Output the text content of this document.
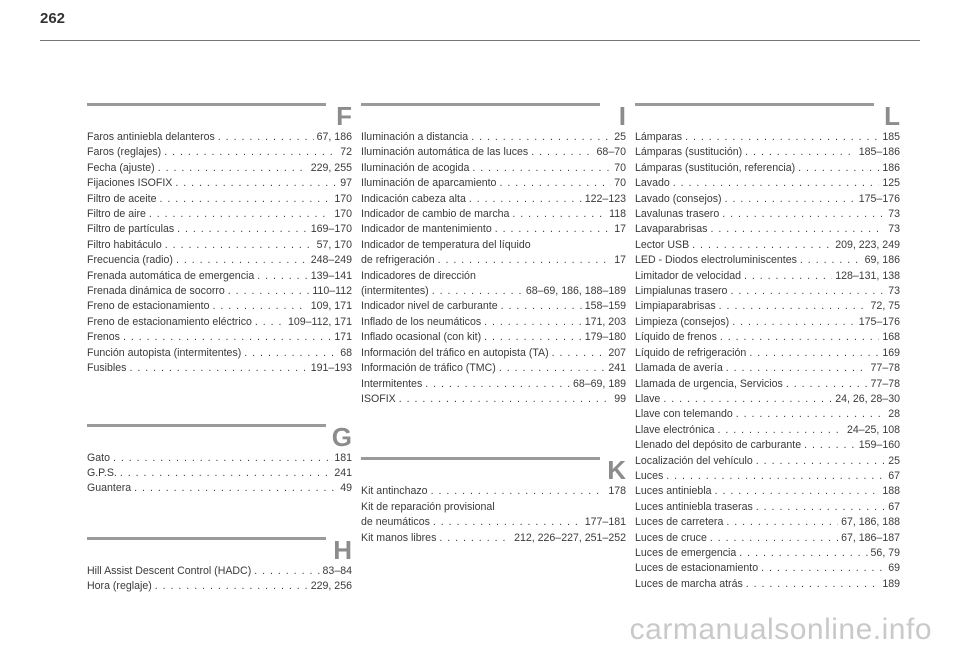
262
F
Faros antiniebla delanteros . . .	67, 186
Faros (reglajes) . . .	72
Fecha (ajuste) . . .	229, 255
Fijaciones ISOFIX . . .	97
Filtro de aceite . . .	170
Filtro de aire . . .	170
Filtro de partículas . . .	169–170
Filtro habitáculo . . .	57, 170
Frecuencia (radio) . . .	248–249
Frenada automática de emergencia . . .	139–141
Frenada dinámica de socorro . . .	110–112
Freno de estacionamiento . . .	109, 171
Freno de estacionamiento eléctrico . . .	109–112, 171
Frenos . . .	171
Función autopista (intermitentes) . . .	68
Fusibles . . .	191–193
G
Gato . . .	181
G.P.S. . . .	241
Guantera . . .	49
H
Hill Assist Descent Control (HADC) . . .	83–84
Hora (reglaje) . . .	229, 256
I
Iluminación a distancia . . .	25
Iluminación automática de las luces . . .	68–70
Iluminación de acogida . . .	70
Iluminación de aparcamiento . . .	70
Indicación cabeza alta . . .	122–123
Indicador de cambio de marcha . . .	118
Indicador de mantenimiento . . .	17
Indicador de temperatura del líquido
de refrigeración . . .	17
Indicadores de dirección
(intermitentes) . . .	68–69, 186, 188–189
Indicador nivel de carburante . . .	158–159
Inflado de los neumáticos . . .	171, 203
Inflado ocasional (con kit) . . .	179–180
Información del tráfico en autopista (TA) . . .	207
Información de tráfico (TMC) . . .	241
Intermitentes . . .	68–69, 189
ISOFIX . . .	99
K
Kit antinchazo . . .	178
Kit de reparación provisional
de neumáticos . . .	177–181
Kit manos libres . . .	212, 226–227, 251–252
L
Lámparas . . .	185
Lámparas (sustitución) . . .	185–186
Lámparas (sustitución, referencia) . . .	186
Lavado . . .	125
Lavado (consejos) . . .	175–176
Lavalunas trasero . . .	73
Lavaparabrisas . . .	73
Lector USB . . .	209, 223, 249
LED - Diodos electroluminiscentes . . .	69, 186
Limitador de velocidad . . .	128–131, 138
Limpialunas trasero . . .	73
Limpiaparabrisas . . .	72, 75
Limpieza (consejos) . . .	175–176
Líquido de frenos . . .	168
Líquido de refrigeración . . .	169
Llamada de avería . . .	77–78
Llamada de urgencia, Servicios . . .	77–78
Llave . . .	24, 26, 28–30
Llave con telemando . . .	28
Llave electrónica . . .	24–25, 108
Llenado del depósito de carburante . . .	159–160
Localización del vehículo . . .	25
Luces . . .	67
Luces antiniebla . . .	188
Luces antiniebla traseras . . .	67
Luces de carretera . . .	67, 186, 188
Luces de cruce . . .	67, 186–187
Luces de emergencia . . .	56, 79
Luces de estacionamiento . . .	69
Luces de marcha atrás . . .	189
carmanualsonline.info
